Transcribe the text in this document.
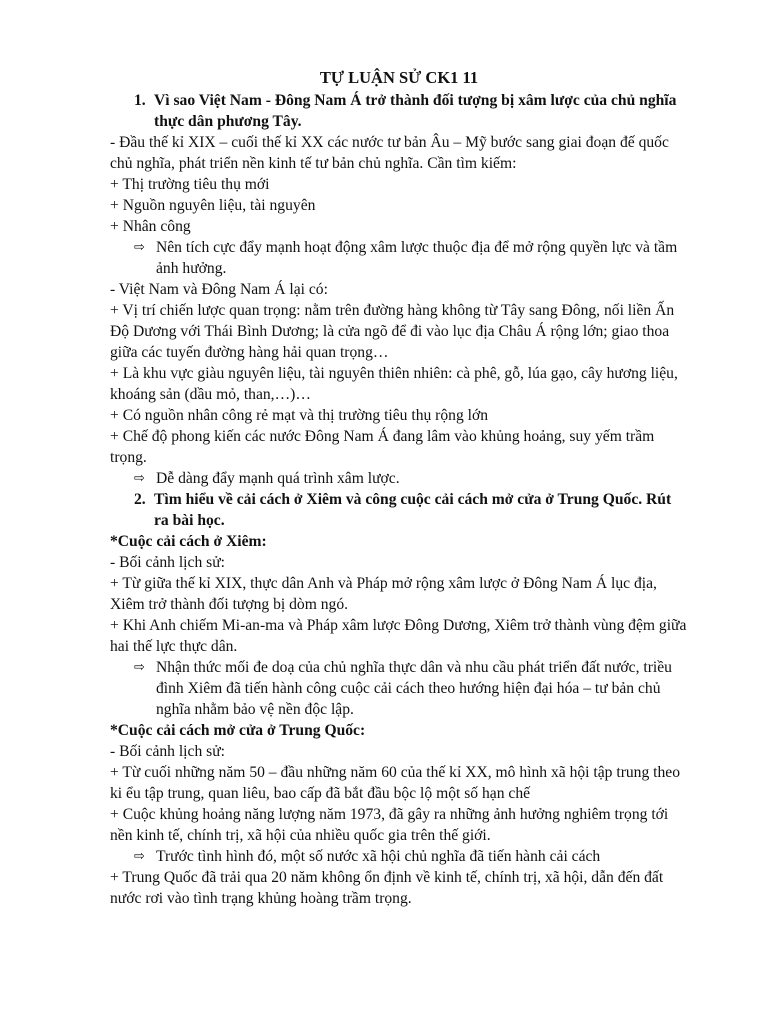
TỰ LUẬN SỬ CK1 11
1. Vì sao Việt Nam - Đông Nam Á trở thành đối tượng bị xâm lược của chủ nghĩa thực dân phương Tây.

- Đầu thế kỉ XIX – cuối thế kỉ XX các nước tư bản Âu – Mỹ bước sang giai đoạn đế quốc chủ nghĩa, phát triển nền kinh tế tư bản chủ nghĩa. Cần tìm kiếm:

+ Thị trường tiêu thụ mới

+ Nguồn nguyên liệu, tài nguyên

+ Nhân công

⇨ Nên tích cực đẩy mạnh hoạt động xâm lược thuộc địa để mở rộng quyền lực và tầm ảnh hưởng.

- Việt Nam và Đông Nam Á lại có:

+ Vị trí chiến lược quan trọng: nằm trên đường hàng không từ Tây sang Đông, nối liền Ấn Độ Dương với Thái Bình Dương; là cửa ngõ để đi vào lục địa Châu Á rộng lớn; giao thoa giữa các tuyến đường hàng hải quan trọng…

+ Là khu vực giàu nguyên liệu, tài nguyên thiên nhiên: cà phê, gỗ, lúa gạo, cây hương liệu, khoáng sản (dầu mỏ, than,…)…

+ Có nguồn nhân công rẻ mạt và thị trường tiêu thụ rộng lớn

+ Chế độ phong kiến các nước Đông Nam Á đang lâm vào khủng hoảng, suy yếm trầm trọng.

⇨ Dễ dàng đẩy mạnh quá trình xâm lược.
2. Tìm hiểu về cải cách ở Xiêm và công cuộc cải cách mở cửa ở Trung Quốc. Rút ra bài học.

*Cuộc cải cách ở Xiêm:

- Bối cảnh lịch sử:

+ Từ giữa thế kỉ XIX, thực dân Anh và Pháp mở rộng xâm lược ở Đông Nam Á lục địa, Xiêm trở thành đối tượng bị dòm ngó.

+ Khi Anh chiếm Mi-an-ma và Pháp xâm lược Đông Dương, Xiêm trở thành vùng đệm giữa hai thế lực thực dân.

⇨ Nhận thức mối đe doạ của chủ nghĩa thực dân và nhu cầu phát triển đất nước, triều đình Xiêm đã tiến hành công cuộc cải cách theo hướng hiện đại hóa – tư bản chủ nghĩa nhằm bảo vệ nền độc lập.

*Cuộc cải cách mở cửa ở Trung Quốc:

- Bối cảnh lịch sử:

+ Từ cuối những năm 50 – đầu những năm 60 của thế kỉ XX, mô hình xã hội tập trung theo ki ểu tập trung, quan liêu, bao cấp đã bắt đầu bộc lộ một số hạn chế

+ Cuộc khủng hoảng năng lượng năm 1973, đã gây ra những ảnh hưởng nghiêm trọng tới nền kinh tế, chính trị, xã hội của nhiều quốc gia trên thế giới.

⇨ Trước tình hình đó, một số nước xã hội chủ nghĩa đã tiến hành cải cách

+ Trung Quốc đã trải qua 20 năm không ổn định về kinh tế, chính trị, xã hội, dẫn đến đất nước rơi vào tình trạng khủng hoàng trầm trọng.
